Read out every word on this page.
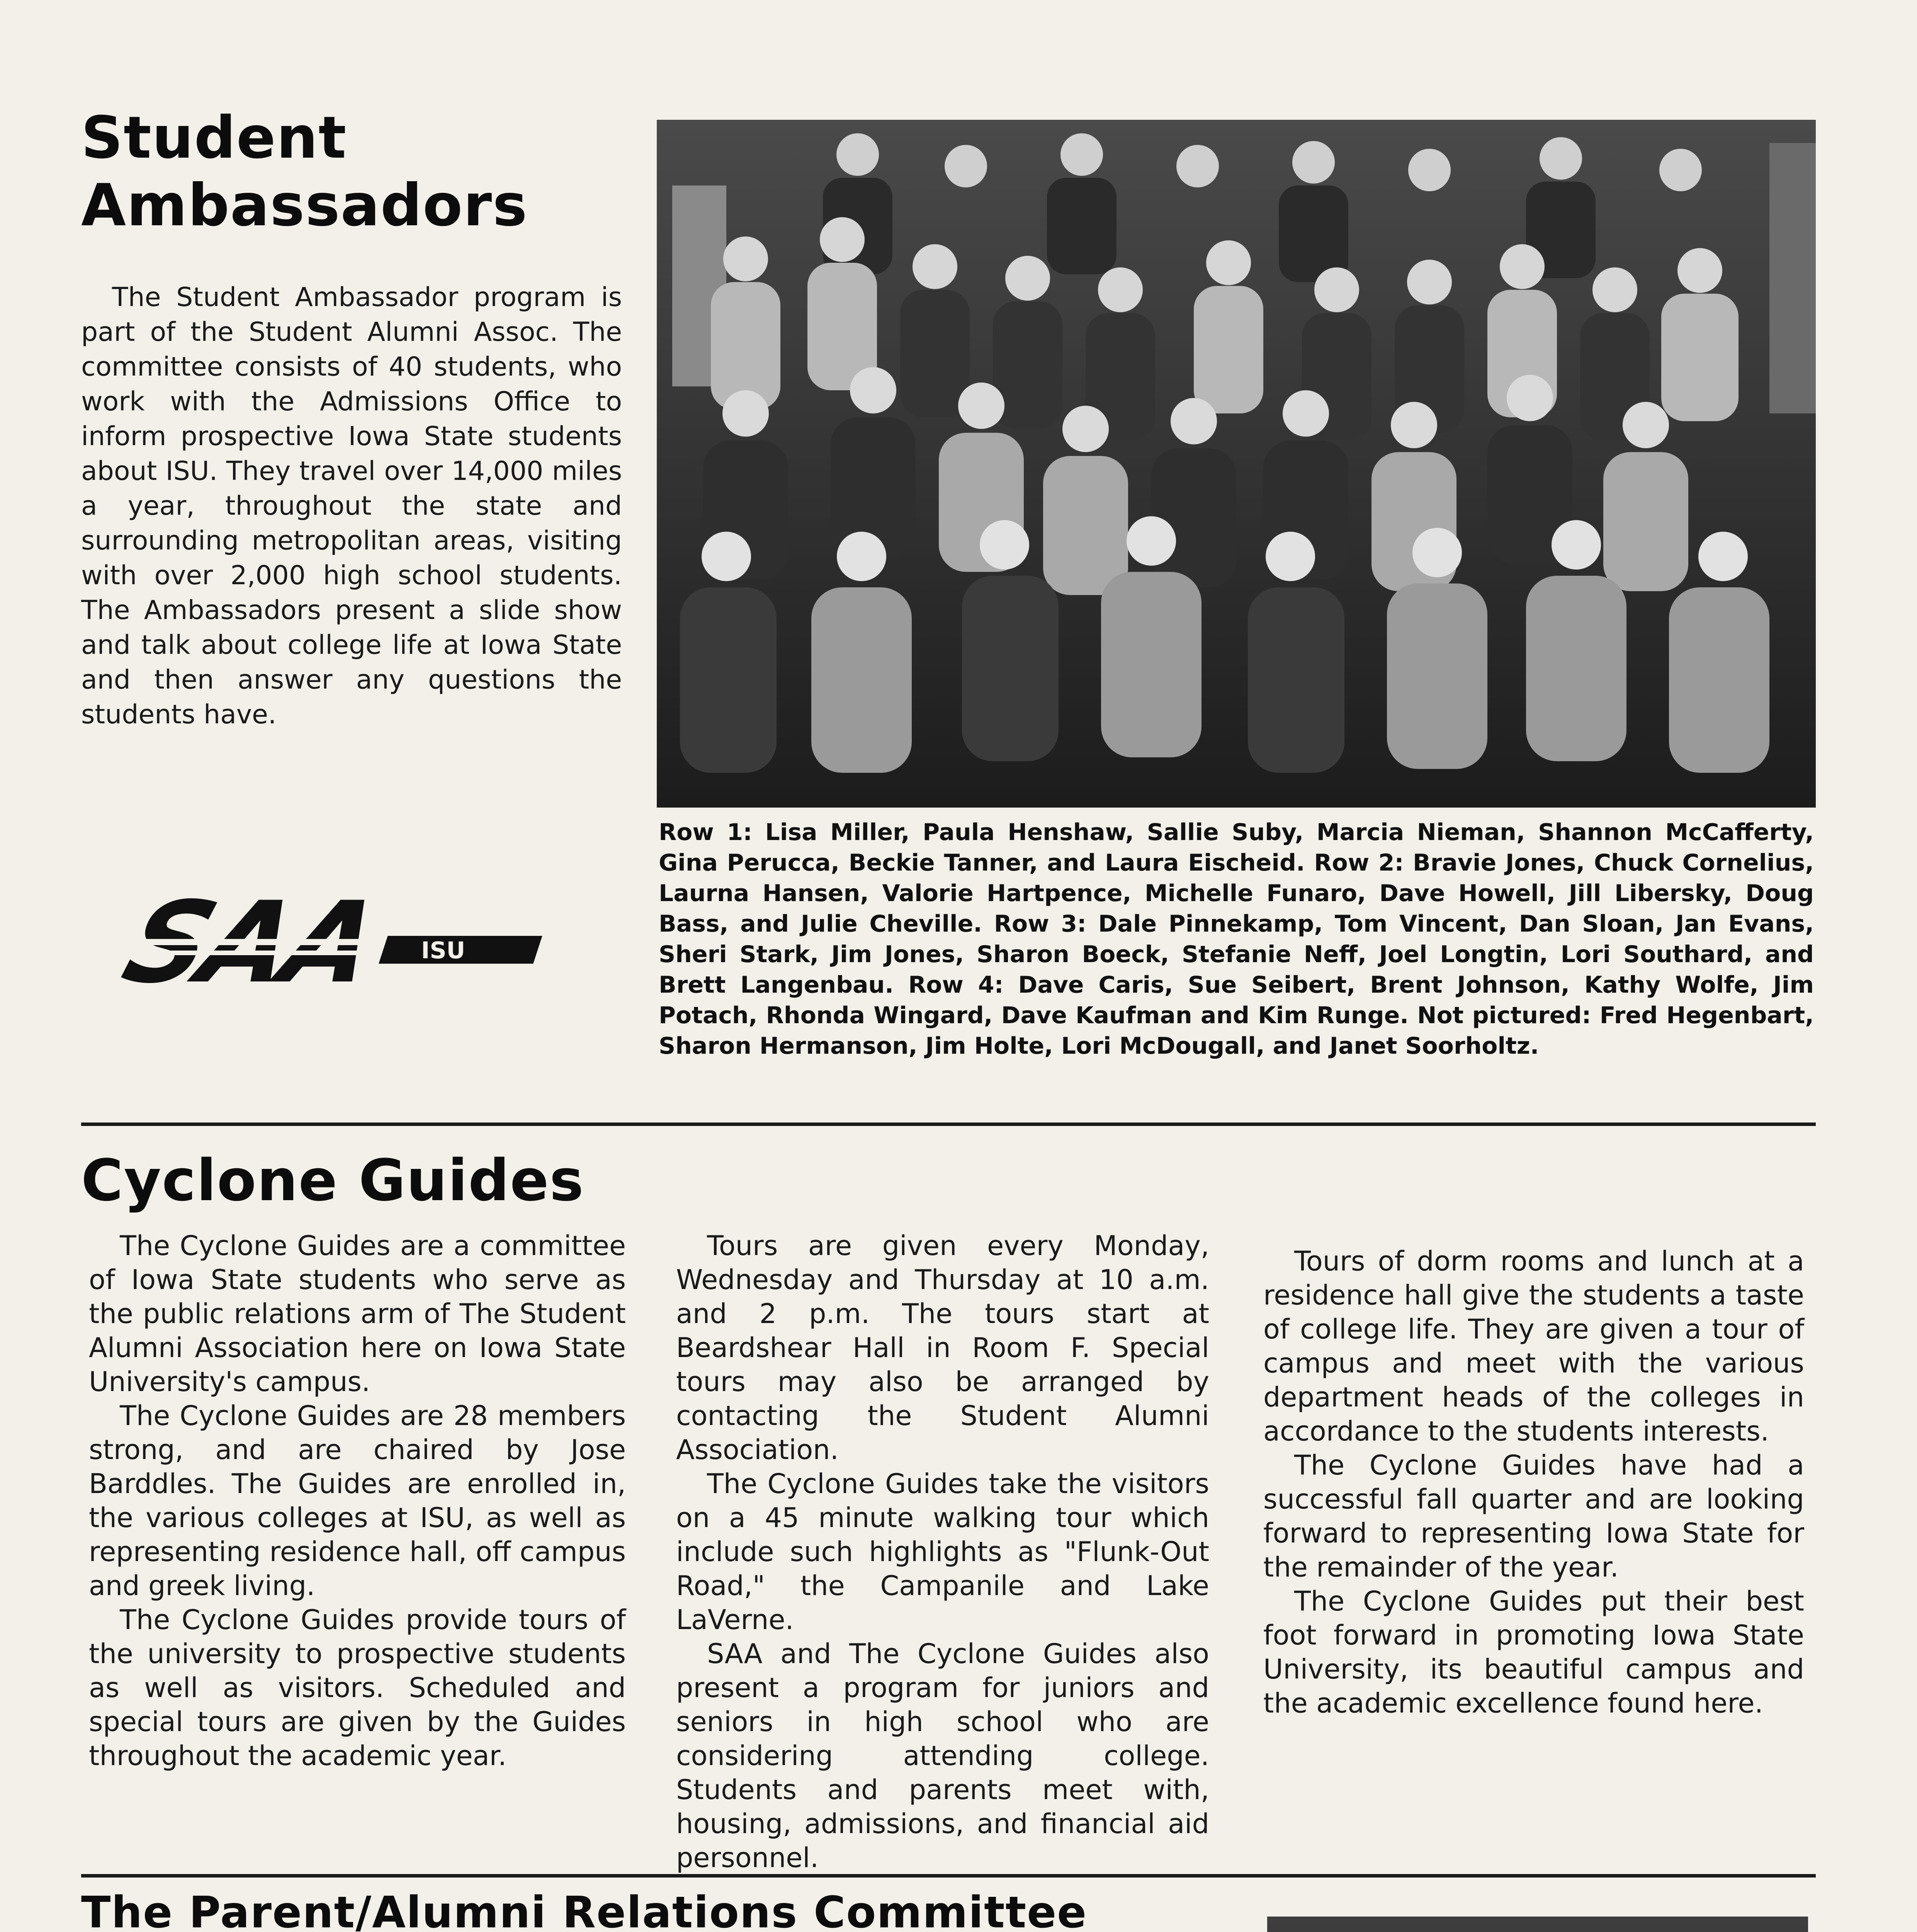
Student
Ambassadors

The Student Ambassador program is part of the Student Alumni Assoc. The committee consists of 40 students, who work with the Admissions Office to inform prospective Iowa State students about ISU. They travel over 14,000 miles a year, throughout the state and surrounding metropolitan areas, visiting with over 2,000 high school students. The Ambassadors present a slide show and talk about college life at Iowa State and then answer any questions the students have.

SAA ISU
Row 1: Lisa Miller, Paula Henshaw, Sallie Suby, Marcia Nieman, Shannon McCafferty, Gina Perucca, Beckie Tanner, and Laura Eischeid. Row 2: Bravie Jones, Chuck Cornelius, Laurna Hansen, Valorie Hartpence, Michelle Funaro, Dave Howell, Jill Libersky, Doug Bass, and Julie Cheville. Row 3: Dale Pinnekamp, Tom Vincent, Dan Sloan, Jan Evans, Sheri Stark, Jim Jones, Sharon Boeck, Stefanie Neff, Joel Longtin, Lori Southard, and Brett Langenbau. Row 4: Dave Caris, Sue Seibert, Brent Johnson, Kathy Wolfe, Jim Potach, Rhonda Wingard, Dave Kaufman and Kim Runge. Not pictured: Fred Hegenbart, Sharon Hermanson, Jim Holte, Lori McDougall, and Janet Soorholtz.
Cyclone Guides

The Cyclone Guides are a committee of Iowa State students who serve as the public relations arm of The Student Alumni Association here on Iowa State University's campus.

The Cyclone Guides are 28 members strong, and are chaired by Jose Barddles. The Guides are enrolled in, the various colleges at ISU, as well as representing residence hall, off campus and greek living.

The Cyclone Guides provide tours of the university to prospective students as well as visitors. Scheduled and special tours are given by the Guides throughout the academic year.

Tours are given every Monday, Wednesday and Thursday at 10 a.m. and 2 p.m. The tours start at Beardshear Hall in Room F. Special tours may also be arranged by contacting the Student Alumni Association.

The Cyclone Guides take the visitors on a 45 minute walking tour which include such highlights as "Flunk-Out Road," the Campanile and Lake LaVerne.

SAA and The Cyclone Guides also present a program for juniors and seniors in high school who are considering attending college. Students and parents meet with, housing, admissions, and financial aid personnel.

Tours of dorm rooms and lunch at a residence hall give the students a taste of college life. They are given a tour of campus and meet with the various department heads of the colleges in accordance to the students interests.

The Cyclone Guides have had a successful fall quarter and are looking forward to representing Iowa State for the remainder of the year.

The Cyclone Guides put their best foot forward in promoting Iowa State University, its beautiful campus and the academic excellence found here.

The Parent/Alumni Relations Committee
